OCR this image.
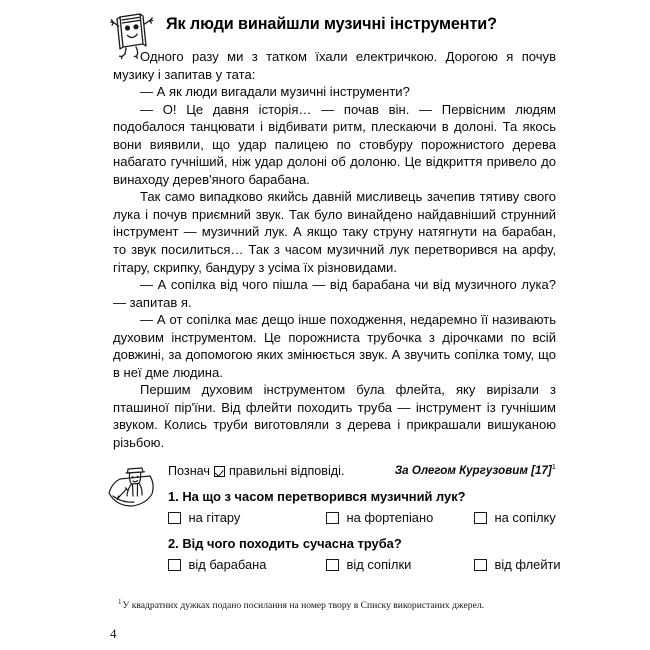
Як люди винайшли музичні інструменти?

Одного разу ми з татком їхали електричкою. Дорогою я почув музику і запитав у тата:

— А як люди вигадали музичні інструменти?

— О! Це давня історія… — почав він. — Первісним людям подобалося танцювати і відбивати ритм, плескаючи в долоні. Та якось вони виявили, що удар палицею по стовбуру порожнистого дерева набагато гучніший, ніж удар долоні об долоню. Це відкриття привело до винаходу дерев'яного барабана.

Так само випадково якийсь давній мисливець зачепив тятиву свого лука і почув приємний звук. Так було винайдено найдавніший струнний інструмент — музичний лук. А якщо таку струну натягнути на барабан, то звук посилиться… Так з часом музичний лук перетворився на арфу, гітару, скрипку, бандуру з усіма їх різновидами.

— А сопілка від чого пішла — від барабана чи від музичного лука? — запитав я.

— А от сопілка має дещо інше походження, недаремно її називають духовим інструментом. Це порожниста трубочка з дірочками по всій довжині, за допомогою яких змінюється звук. А звучить сопілка тому, що в неї дме людина.

Першим духовим інструментом була флейта, яку вирізали з пташиної пір'їни. Від флейти походить труба — інструмент із гучнішим звуком. Колись труби виготовляли з дерева і прикрашали вишуканою різьбою.

За Олегом Кургузовим $[17]^1$

Познач правильні відповіді.
1. На що з часом перетворився музичний лук?
на гітару	на фортепіано	на сопілку
2. Від чого походить сучасна труба?
від барабана	від сопілки	від флейти
$^1$У квадратних дужках подано посилання на номер твору в Списку використаних джерел.
4
